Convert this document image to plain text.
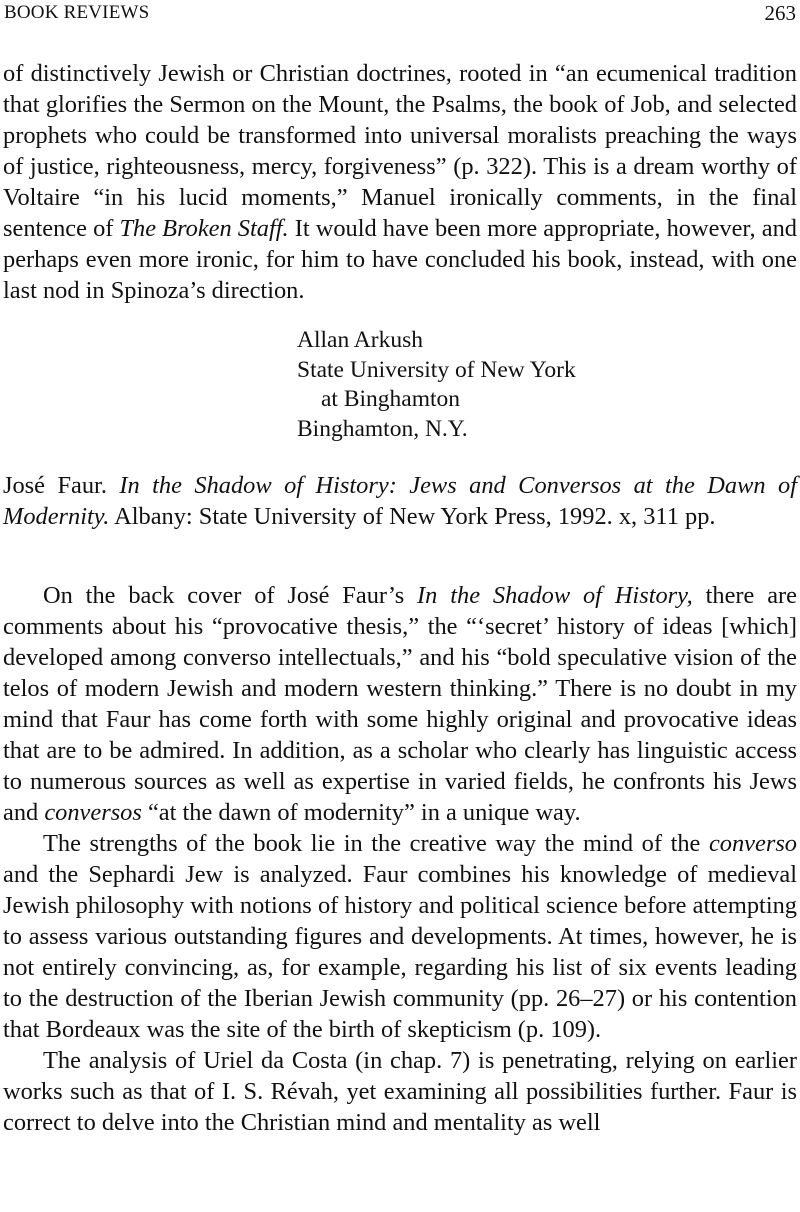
BOOK REVIEWS	263

of distinctively Jewish or Christian doctrines, rooted in “an ecumenical tradition that glorifies the Sermon on the Mount, the Psalms, the book of Job, and selected prophets who could be transformed into universal moralists preaching the ways of justice, righteousness, mercy, forgiveness” (p. 322). This is a dream worthy of Voltaire “in his lucid moments,” Manuel ironically comments, in the final sentence of The Broken Staff. It would have been more appropriate, however, and perhaps even more ironic, for him to have concluded his book, instead, with one last nod in Spinoza’s direction.

Allan Arkush
State University of New York
at Binghamton
Binghamton, N.Y.

José Faur. In the Shadow of History: Jews and Conversos at the Dawn of Modernity. Albany: State University of New York Press, 1992. x, 311 pp.

On the back cover of José Faur’s In the Shadow of History, there are comments about his “provocative thesis,” the “‘secret’ history of ideas [which] developed among converso intellectuals,” and his “bold speculative vision of the telos of modern Jewish and modern western thinking.” There is no doubt in my mind that Faur has come forth with some highly original and provocative ideas that are to be admired. In addition, as a scholar who clearly has linguistic access to numerous sources as well as expertise in varied fields, he confronts his Jews and conversos “at the dawn of modernity” in a unique way.

The strengths of the book lie in the creative way the mind of the converso and the Sephardi Jew is analyzed. Faur combines his knowledge of medieval Jewish philosophy with notions of history and political science before attempting to assess various outstanding figures and developments. At times, however, he is not entirely convincing, as, for example, regarding his list of six events leading to the destruction of the Iberian Jewish community (pp. 26–27) or his contention that Bordeaux was the site of the birth of skepticism (p. 109).

The analysis of Uriel da Costa (in chap. 7) is penetrating, relying on earlier works such as that of I. S. Révah, yet examining all possibilities further. Faur is correct to delve into the Christian mind and mentality as well
